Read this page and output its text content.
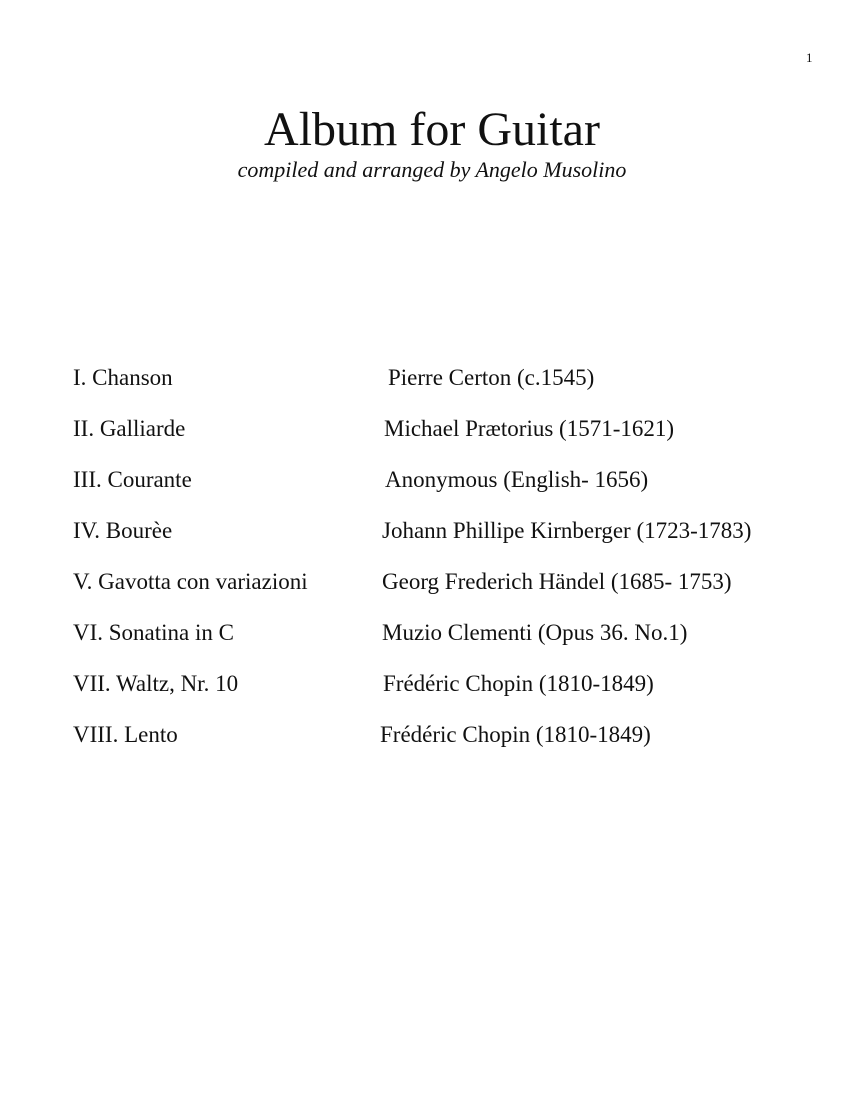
1
Album for Guitar
compiled and arranged by Angelo Musolino
I. Chanson	Pierre Certon (c.1545)
II. Galliarde	Michael Prætorius (1571-1621)
III. Courante	Anonymous (English- 1656)
IV. Bourèe	Johann Phillipe Kirnberger (1723-1783)
V. Gavotta con variazioni	Georg Frederich Händel (1685- 1753)
VI. Sonatina in C	Muzio Clementi (Opus 36. No.1)
VII. Waltz, Nr. 10	Frédéric Chopin (1810-1849)
VIII. Lento	Frédéric Chopin (1810-1849)
